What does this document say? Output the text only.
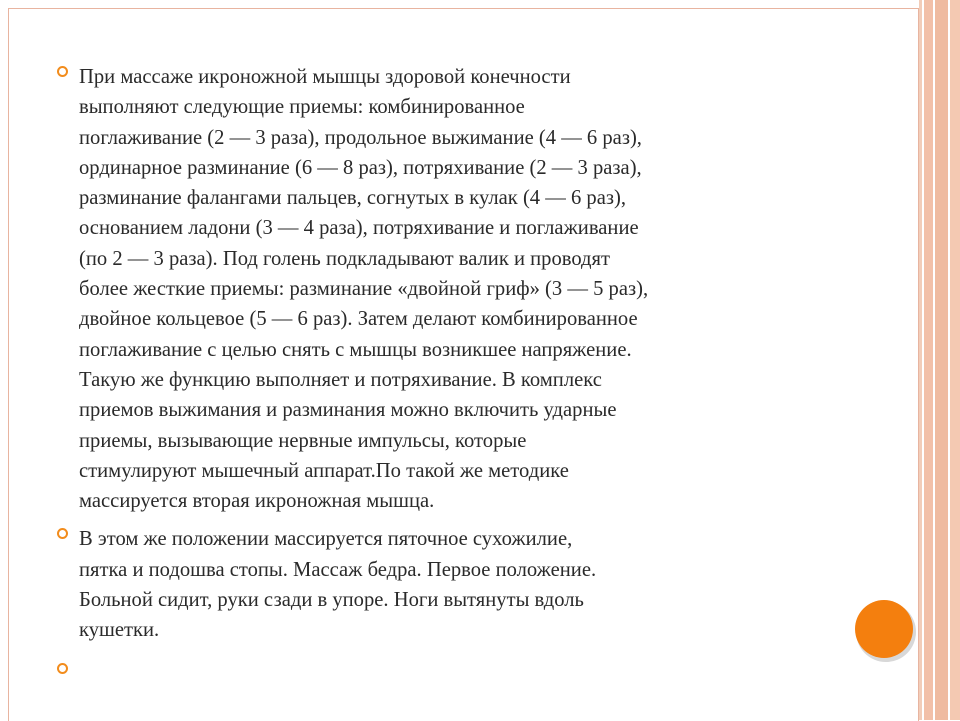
При массаже икроножной мышцы здоровой конечности
выполняют следующие приемы: комбинированное
поглаживание (2 — 3 раза), продольное выжимание (4 — 6 раз),
ординарное разминание (6 — 8 раз), потряхивание (2 — 3 раза),
разминание фалангами пальцев, согнутых в кулак (4 — 6 раз),
основанием ладони (3 — 4 раза), потряхивание и поглаживание
(по 2 — 3 раза). Под голень подкладывают валик и проводят
более жесткие приемы: разминание «двойной гриф» (3 — 5 раз),
двойное кольцевое (5 — 6 раз). Затем делают комбинированное
поглаживание с целью снять с мышцы возникшее напряжение.
Такую же функцию выполняет и потряхивание. В комплекс
приемов выжимания и разминания можно включить ударные
приемы, вызывающие нервные импульсы, которые
стимулируют мышечный аппарат.По такой же методике
массируется вторая икроножная мышца.
В этом же положении массируется пяточное сухожилие,
пятка и подошва стопы. Массаж бедра. Первое положение.
Больной сидит, руки сзади в упоре. Ноги вытянуты вдоль
кушетки.
